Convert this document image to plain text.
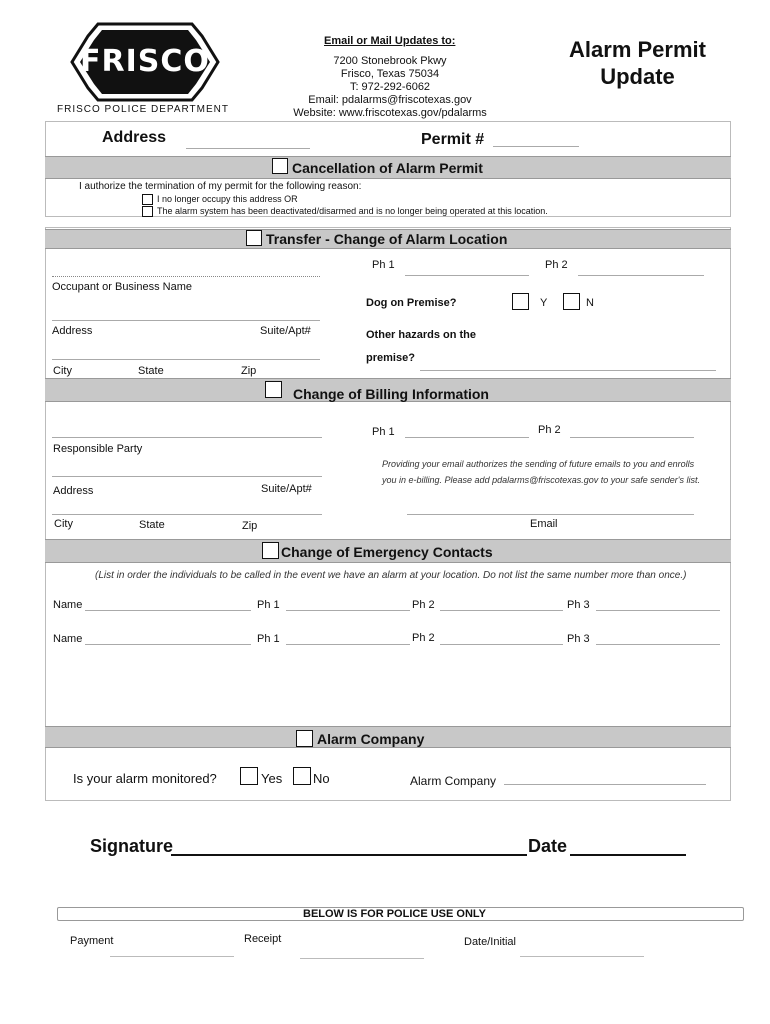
FRISCO
FRISCO POLICE DEPARTMENT
Email or Mail Updates to:
7200 Stonebrook Pkwy
Frisco, Texas 75034
T: 972-292-6062
Email: pdalarms@friscotexas.gov
Website: www.friscotexas.gov/pdalarms
Alarm Permit
Update
Address	Permit #
Cancellation of Alarm Permit
I authorize the termination of my permit for the following reason:
I no longer occupy this address OR
The alarm system has been deactivated/disarmed and is no longer being operated at this location.
Transfer - Change of Alarm Location
Ph 1	Ph 2
Occupant or Business Name
Dog on Premise?	Y	N
Address	Suite/Apt#	Other hazards on the
premise?
City	State	Zip
Change of Billing Information
Responsible Party
Ph 1	Ph 2
Providing your email authorizes the sending of future emails to you and enrolls
you in e-billing. Please add pdalarms@friscotexas.gov to your safe sender's list.
Address	Suite/Apt#
City	State	Zip	Email
Change of Emergency Contacts
(List in order the individuals to be called in the event we have an alarm at your location. Do not list the same number more than once.)
Name	Ph 1	Ph 2	Ph 3
Name	Ph 1	Ph 2	Ph 3
Alarm Company
Is your alarm monitored?	Yes No	Alarm Company
Signature	Date
BELOW IS FOR POLICE USE ONLY
Payment	Receipt	Date/Initial
